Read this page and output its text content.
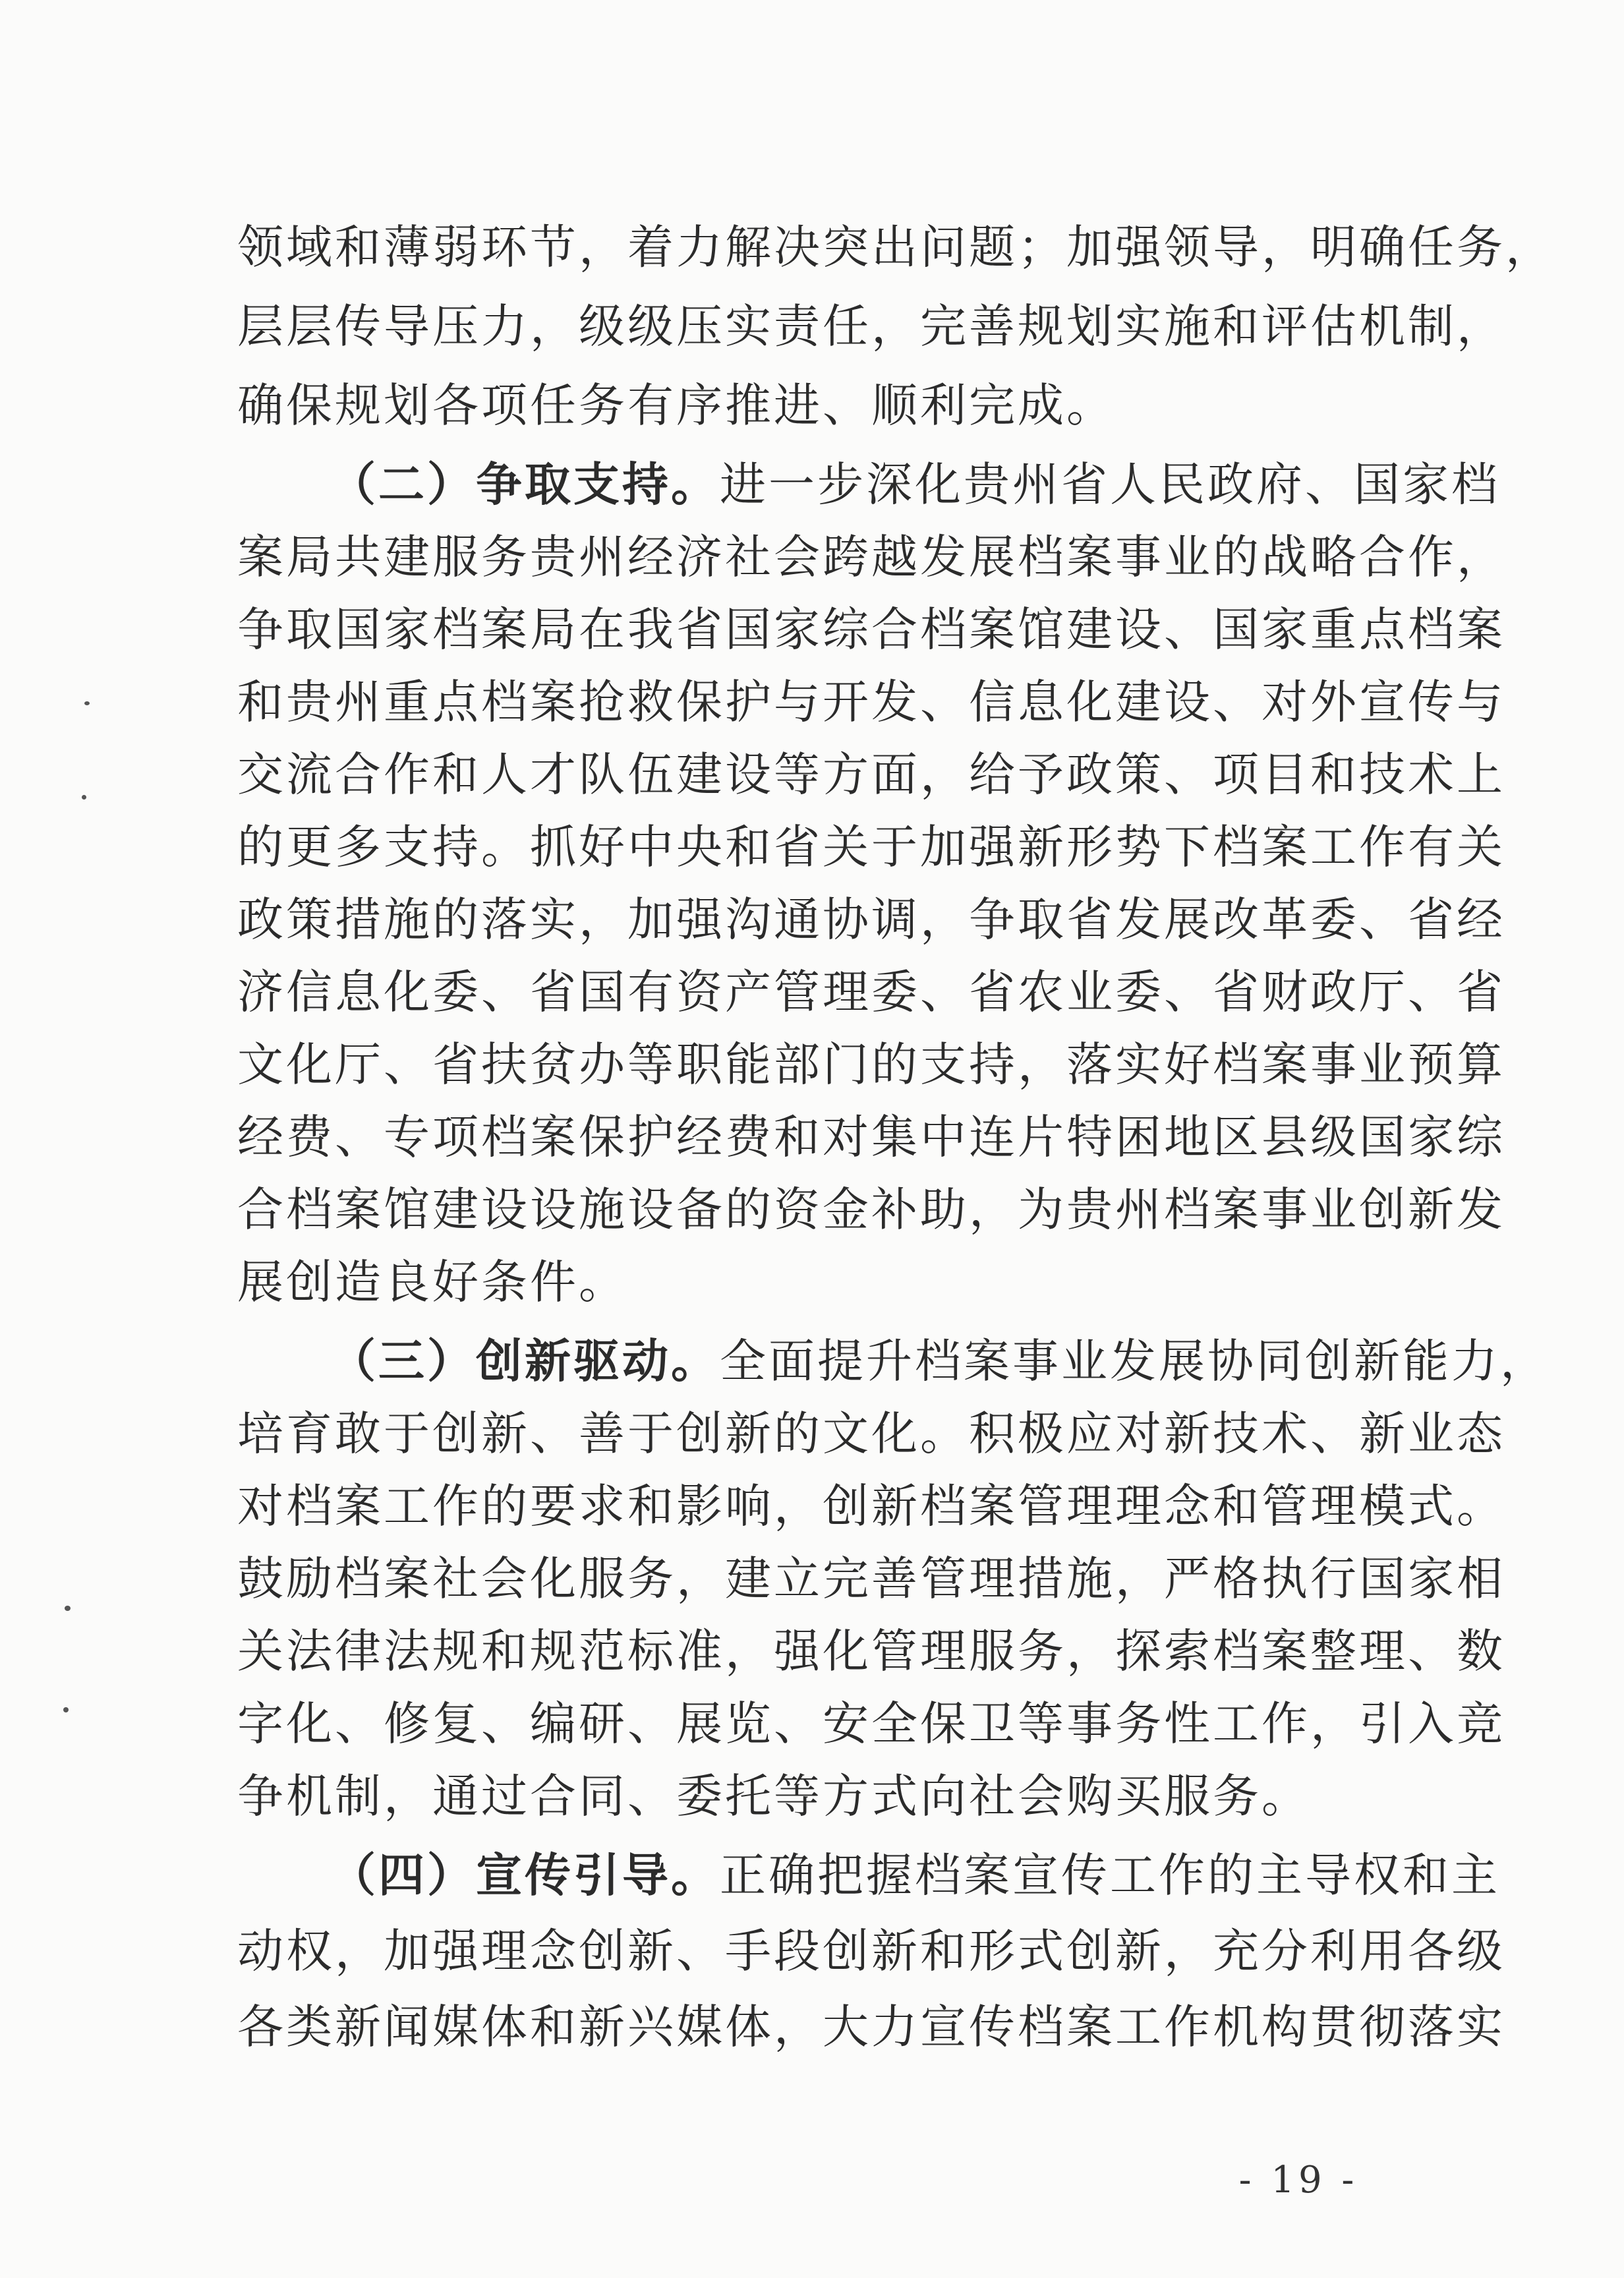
领域和薄弱环节，着力解决突出问题；加强领导，明确任务，
层层传导压力，级级压实责任，完善规划实施和评估机制，
确保规划各项任务有序推进、顺利完成。
（二）争取支持。进一步深化贵州省人民政府、国家档
案局共建服务贵州经济社会跨越发展档案事业的战略合作，
争取国家档案局在我省国家综合档案馆建设、国家重点档案
和贵州重点档案抢救保护与开发、信息化建设、对外宣传与
交流合作和人才队伍建设等方面，给予政策、项目和技术上
的更多支持。抓好中央和省关于加强新形势下档案工作有关
政策措施的落实，加强沟通协调，争取省发展改革委、省经
济信息化委、省国有资产管理委、省农业委、省财政厅、省
文化厅、省扶贫办等职能部门的支持，落实好档案事业预算
经费、专项档案保护经费和对集中连片特困地区县级国家综
合档案馆建设设施设备的资金补助，为贵州档案事业创新发
展创造良好条件。
（三）创新驱动。全面提升档案事业发展协同创新能力，
培育敢于创新、善于创新的文化。积极应对新技术、新业态
对档案工作的要求和影响，创新档案管理理念和管理模式。
鼓励档案社会化服务，建立完善管理措施，严格执行国家相
关法律法规和规范标准，强化管理服务，探索档案整理、数
字化、修复、编研、展览、安全保卫等事务性工作，引入竞
争机制，通过合同、委托等方式向社会购买服务。
（四）宣传引导。正确把握档案宣传工作的主导权和主
动权，加强理念创新、手段创新和形式创新，充分利用各级
各类新闻媒体和新兴媒体，大力宣传档案工作机构贯彻落实
- 19 -
